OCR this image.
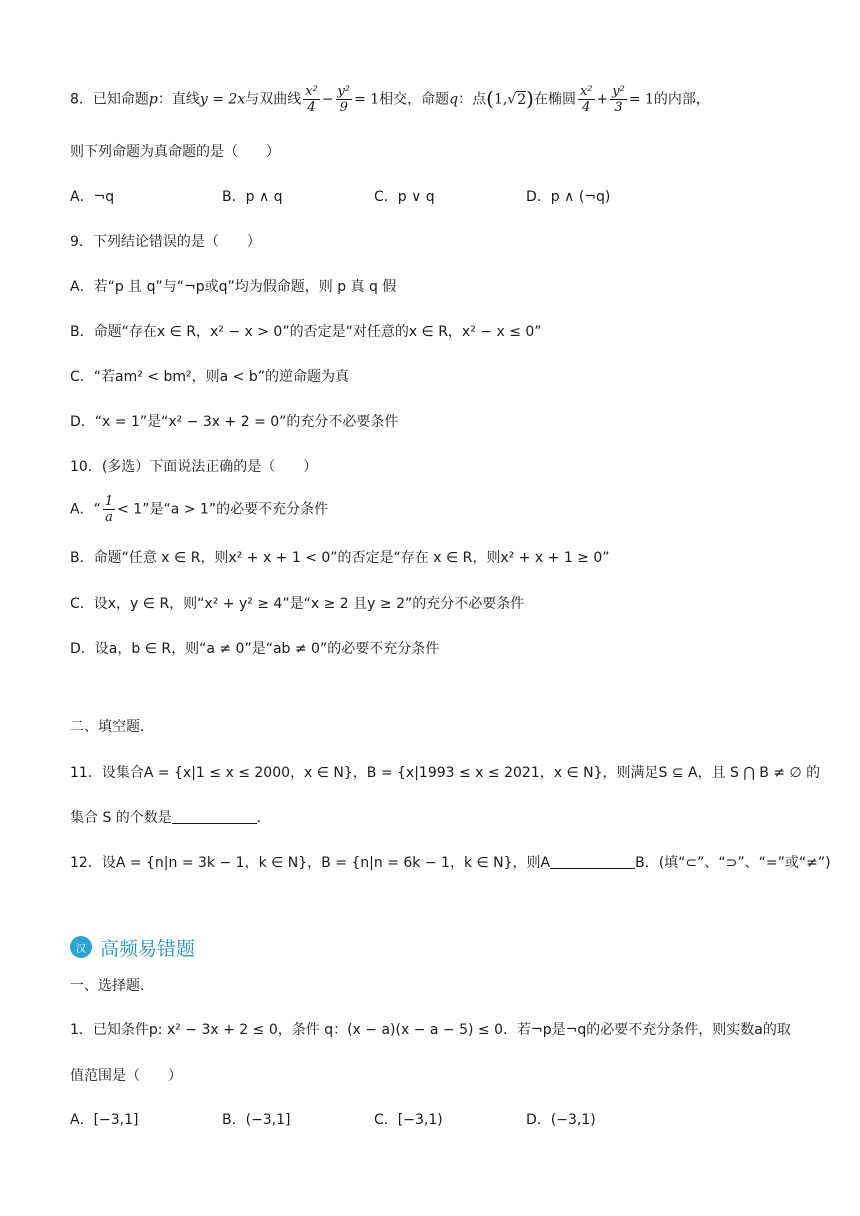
8．已知命题p：直线y = 2x与双曲线 $\frac{\text{x²}}{4} - \frac{\text{y²}}{9} = 1$相交，命题q：点(1,√2)在椭圆 $\frac{\text{x²}}{4} + \frac{\text{y²}}{3} = 1$的内部，
则下列命题为真命题的是（　　）
A．¬q	B．p ∧ q	C．p ∨ q	D．p ∧ (¬q)
9．下列结论错误的是（　　）
A．若“p 且 q”与“¬p或q”均为假命题，则 p 真 q 假
B．命题“存在x ∈ R，x² − x > 0”的否定是“对任意的x ∈ R，x² − x ≤ 0”
C．“若am² < bm²，则a < b”的逆命题为真
D．“x = 1”是“x² − 3x + 2 = 0”的充分不必要条件
10．(多选）下面说法正确的是（　　）
A．“ $\frac{1}{a} < 1$”是“a > 1”的必要不充分条件
B．命题“任意 x ∈ R，则x² + x + 1 < 0”的否定是“存在 x ∈ R，则x² + x + 1 ≥ 0”
C．设x，y ∈ R，则“x² + y² ≥ 4”是“x ≥ 2 且y ≥ 2”的充分不必要条件
D．设a，b ∈ R，则“a ≠ 0”是“ab ≠ 0”的必要不充分条件
二、填空题．
11．设集合A = {x|1 ≤ x ≤ 2000，x ∈ N}，B = {x|1993 ≤ x ≤ 2021，x ∈ N}，则满足S ⊆ A，且 S ⋂ B ≠ ∅ 的
集合 S 的个数是	．
12．设A = {n|n = 3k − 1，k ∈ N}，B = {n|n = 6k − 1，k ∈ N}，则A	B．(填“⊂”、“⊃”、“=”或“≠”)
汉 高频易错题
一、选择题．
1．已知条件p: x² − 3x + 2 ≤ 0，条件 q：(x − a)(x − a − 5) ≤ 0．若¬p是¬q的必要不充分条件，则实数a的取
值范围是（　　）
A．[−3,1]	B．(−3,1]	C．[−3,1)	D．(−3,1)
